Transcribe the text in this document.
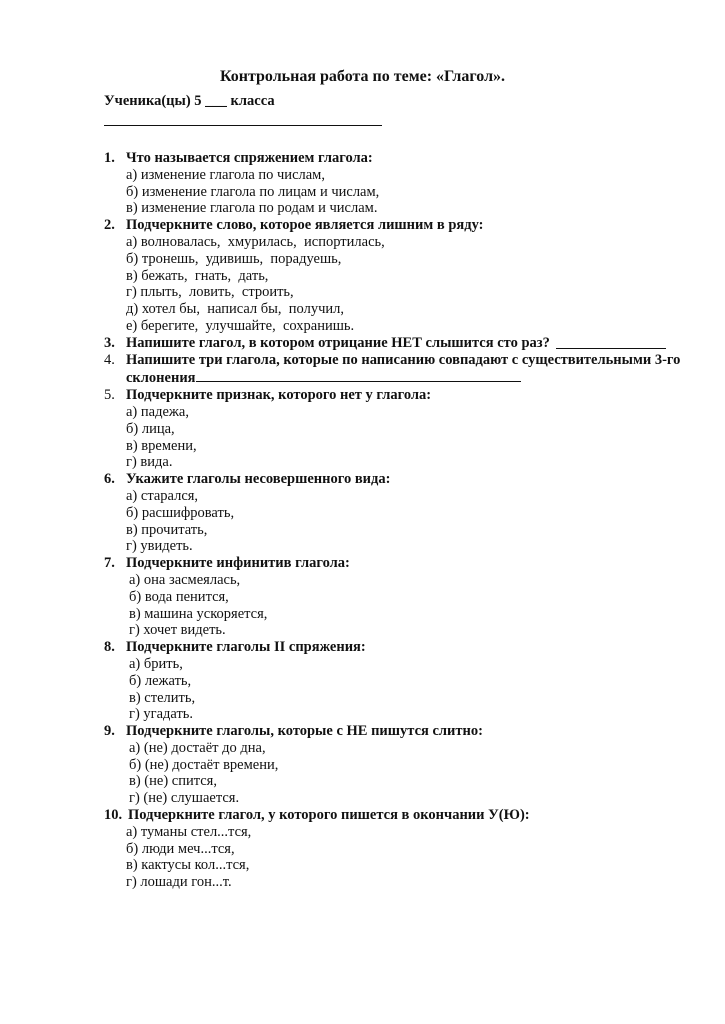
Контрольная работа по теме: «Глагол».
Ученика(цы) 5 ___ класса
1. Что называется спряжением глагола:
а) изменение глагола по числам,
б) изменение глагола по лицам и числам,
в) изменение глагола по родам и числам.
2. Подчеркните слово, которое является лишним в ряду:
а) волновалась,  хмурилась,  испортилась,
б) тронешь,  удивишь,  порадуешь,
в) бежать,  гнать,  дать,
г) плыть,  ловить,  строить,
д) хотел бы,  написал бы,  получил,
е) берегите,  улучшайте,  сохранишь.
3. Напишите глагол, в котором отрицание НЕТ слышится сто раз?
4. Напишите три глагола, которые по написанию совпадают с существительными 3-го склонения
5. Подчеркните признак, которого нет у глагола:
а) падежа,
б) лица,
в) времени,
г) вида.
6. Укажите глаголы несовершенного вида:
а) старался,
б) расшифровать,
в) прочитать,
г) увидеть.
7. Подчеркните инфинитив глагола:
а) она засмеялась,
б) вода пенится,
в) машина ускоряется,
г) хочет видеть.
8. Подчеркните глаголы II спряжения:
а) брить,
б) лежать,
в) стелить,
г) угадать.
9. Подчеркните глаголы, которые с НЕ пишутся слитно:
а) (не) достаёт до дна,
б) (не) достаёт времени,
в) (не) спится,
г) (не) слушается.
10. Подчеркните глагол, у которого пишется в окончании У(Ю):
а) туманы стел...тся,
б) люди меч...тся,
в) кактусы кол...тся,
г) лошади гон...т.
